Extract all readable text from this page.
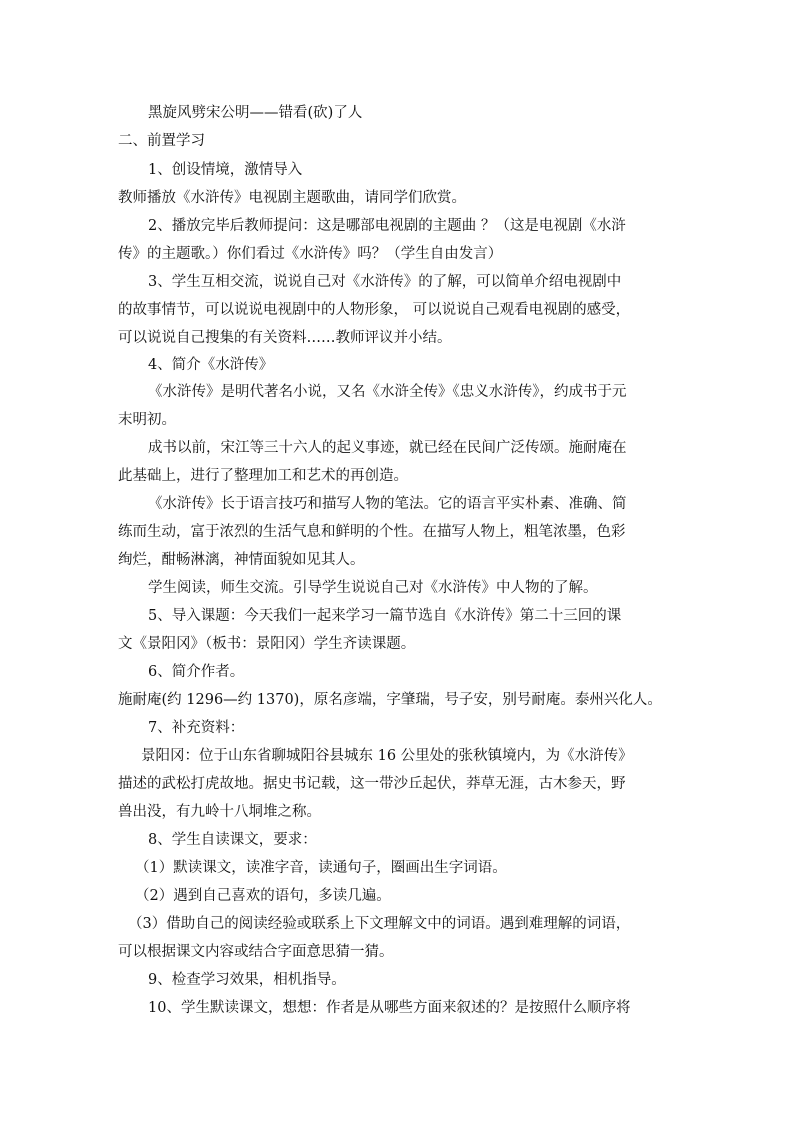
黑旋风劈宋公明——错看(砍)了人
二、前置学习
1、创设情境，激情导入
教师播放《水浒传》电视剧主题歌曲，请同学们欣赏。
2、播放完毕后教师提问：这是哪部电视剧的主题曲 ？（这是电视剧《水浒
传》的主题歌。）你们看过《水浒传》吗？（学生自由发言）
3、学生互相交流，说说自己对《水浒传》的了解，可以简单介绍电视剧中
的故事情节，可以说说电视剧中的人物形象， 可以说说自己观看电视剧的感受，
可以说说自己搜集的有关资料……教师评议并小结。
4、简介《水浒传》
《水浒传》是明代著名小说，又名《水浒全传》《忠义水浒传》，约成书于元
末明初。
成书以前，宋江等三十六人的起义事迹，就已经在民间广泛传颂。施耐庵在
此基础上，进行了整理加工和艺术的再创造。
《水浒传》长于语言技巧和描写人物的笔法。它的语言平实朴素、准确、简
练而生动，富于浓烈的生活气息和鲜明的个性。在描写人物上，粗笔浓墨，色彩
绚烂，酣畅淋漓，神情面貌如见其人。
学生阅读，师生交流。引导学生说说自己对《水浒传》中人物的了解。
5、导入课题：今天我们一起来学习一篇节选自《水浒传》第二十三回的课
文《景阳冈》（板书：景阳冈）学生齐读课题。
6、简介作者。
施耐庵(约 1296—约 1370)，原名彦端，字肇瑞，号子安，别号耐庵。泰州兴化人。
7、补充资料：
景阳冈：位于山东省聊城阳谷县城东 16 公里处的张秋镇境内，为《水浒传》
描述的武松打虎故地。据史书记载，这一带沙丘起伏，莽草无涯，古木参天，野
兽出没，有九岭十八垌堆之称。
8、学生自读课文，要求：
（1）默读课文，读准字音，读通句子，圈画出生字词语。
（2）遇到自己喜欢的语句，多读几遍。
（3）借助自己的阅读经验或联系上下文理解文中的词语。遇到难理解的词语，
可以根据课文内容或结合字面意思猜一猜。
9、检查学习效果，相机指导。
10、学生默读课文，想想：作者是从哪些方面来叙述的？是按照什么顺序将
